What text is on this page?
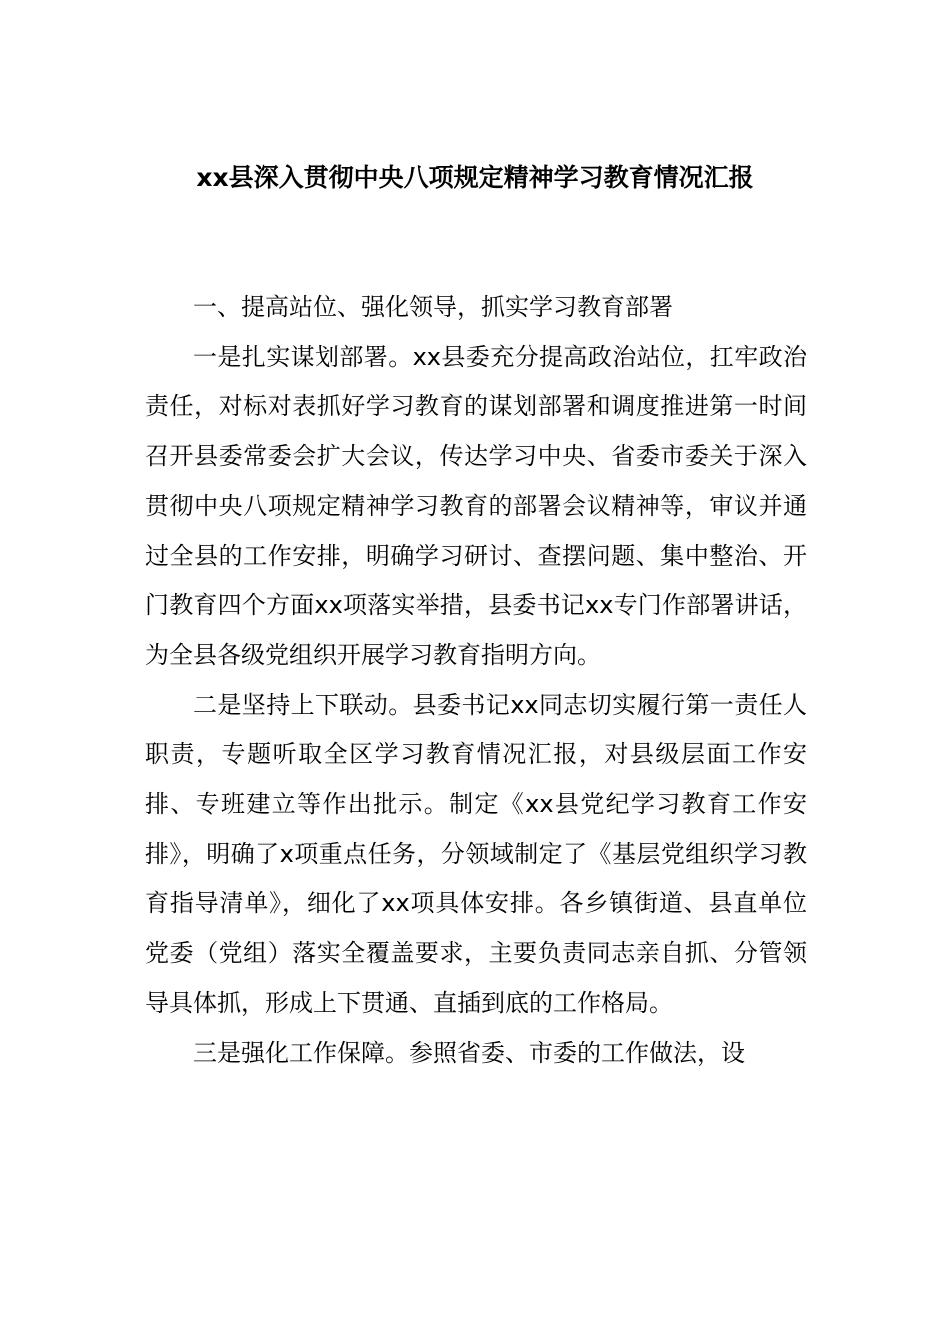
xx县深入贯彻中央八项规定精神学习教育情况汇报

一、提高站位、强化领导，抓实学习教育部署

一是扎实谋划部署。xx县委充分提高政治站位，扛牢政治责任，对标对表抓好学习教育的谋划部署和调度推进第一时间召开县委常委会扩大会议，传达学习中央、省委市委关于深入贯彻中央八项规定精神学习教育的部署会议精神等，审议并通过全县的工作安排，明确学习研讨、查摆问题、集中整治、开门教育四个方面xx项落实举措，县委书记xx专门作部署讲话，为全县各级党组织开展学习教育指明方向。

二是坚持上下联动。县委书记xx同志切实履行第一责任人职责，专题听取全区学习教育情况汇报，对县级层面工作安排、专班建立等作出批示。制定《xx县党纪学习教育工作安排》，明确了x项重点任务，分领域制定了《基层党组织学习教育指导清单》，细化了xx项具体安排。各乡镇街道、县直单位党委（党组）落实全覆盖要求，主要负责同志亲自抓、分管领导具体抓，形成上下贯通、直插到底的工作格局。

三是强化工作保障。参照省委、市委的工作做法，设
